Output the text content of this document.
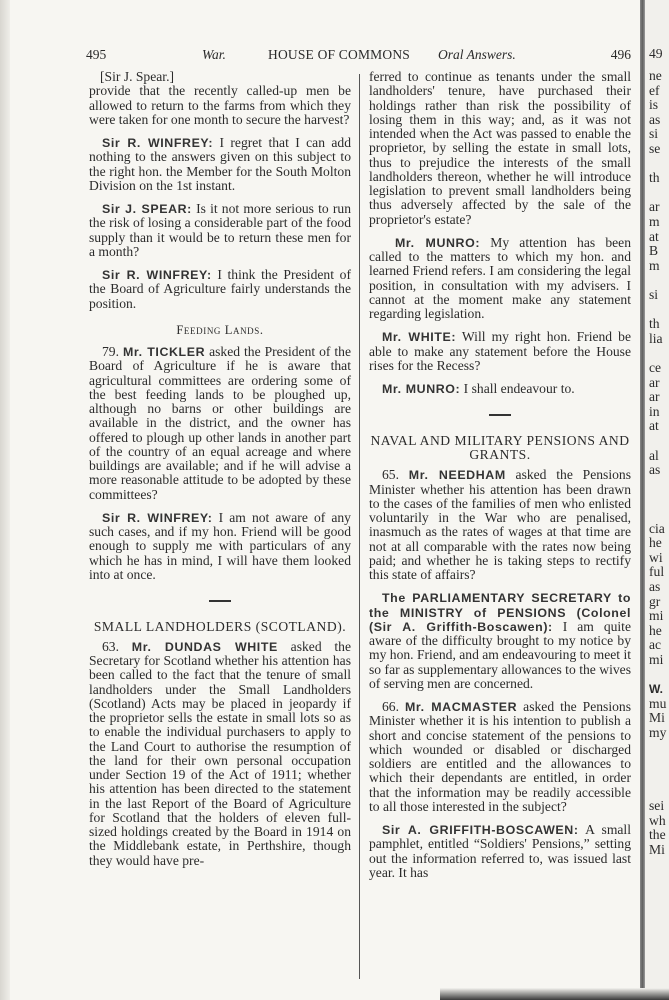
495	War.	HOUSE OF COMMONS Oral Answers.	496

[Sir J. Spear.]

provide that the recently called-up men be allowed to return to the farms from which they were taken for one month to secure the harvest?

Sir R. WINFREY: I regret that I can add nothing to the answers given on this subject to the right hon. the Member for the South Molton Division on the 1st instant.

Sir J. SPEAR: Is it not more serious to run the risk of losing a considerable part of the food supply than it would be to return these men for a month?

Sir R. WINFREY: I think the President of the Board of Agriculture fairly understands the position.

Feeding Lands.

79. Mr. TICKLER asked the President of the Board of Agriculture if he is aware that agricultural committees are ordering some of the best feeding lands to be ploughed up, although no barns or other buildings are available in the district, and the owner has offered to plough up other lands in another part of the country of an equal acreage and where buildings are available; and if he will advise a more reasonable attitude to be adopted by these committees?

Sir R. WINFREY: I am not aware of any such cases, and if my hon. Friend will be good enough to supply me with particulars of any which he has in mind, I will have them looked into at once.

SMALL LANDHOLDERS (SCOTLAND).

63. Mr. DUNDAS WHITE asked the Secretary for Scotland whether his attention has been called to the fact that the tenure of small landholders under the Small Landholders (Scotland) Acts may be placed in jeopardy if the proprietor sells the estate in small lots so as to enable the individual purchasers to apply to the Land Court to authorise the resumption of the land for their own personal occupation under Section 19 of the Act of 1911; whether his attention has been directed to the statement in the last Report of the Board of Agriculture for Scotland that the holders of eleven full-sized holdings created by the Board in 1914 on the Middlebank estate, in Perthshire, though they would have pre-

ferred to continue as tenants under the small landholders' tenure, have purchased their holdings rather than risk the possibility of losing them in this way; and, as it was not intended when the Act was passed to enable the proprietor, by selling the estate in small lots, thus to prejudice the interests of the small landholders thereon, whether he will introduce legislation to prevent small landholders being thus adversely affected by the sale of the proprietor's estate?

Mr. MUNRO: My attention has been called to the matters to which my hon. and learned Friend refers. I am considering the legal position, in consultation with my advisers. I cannot at the moment make any statement regarding legislation.

Mr. WHITE: Will my right hon. Friend be able to make any statement before the House rises for the Recess?

Mr. MUNRO: I shall endeavour to.

NAVAL AND MILITARY PENSIONS AND GRANTS.

65. Mr. NEEDHAM asked the Pensions Minister whether his attention has been drawn to the cases of the families of men who enlisted voluntarily in the War who are penalised, inasmuch as the rates of wages at that time are not at all comparable with the rates now being paid; and whether he is taking steps to rectify this state of affairs?

The PARLIAMENTARY SECRETARY to the MINISTRY of PENSIONS (Colonel (Sir A. Griffith-Boscawen): I am quite aware of the difficulty brought to my notice by my hon. Friend, and am endeavouring to meet it so far as supplementary allowances to the wives of serving men are concerned.

66. Mr. MACMASTER asked the Pensions Minister whether it is his intention to publish a short and concise statement of the pensions to which wounded or disabled or discharged soldiers are entitled and the allowances to which their dependants are entitled, in order that the information may be readily accessible to all those interested in the subject?

Sir A. GRIFFITH-BOSCAWEN: A small pamphlet, entitled “Soldiers' Pensions,” setting out the information referred to, was issued last year. It has

49
ne
ef
is
as
si
se
th
ar
m
at
B
m
si
th
lia
ce
ar
ar
in
at
al
as
cia
he
wi
ful
as
gr
mi
he
ac
mi
W.
mu
Mi
my
sei
wh
the
Mi
